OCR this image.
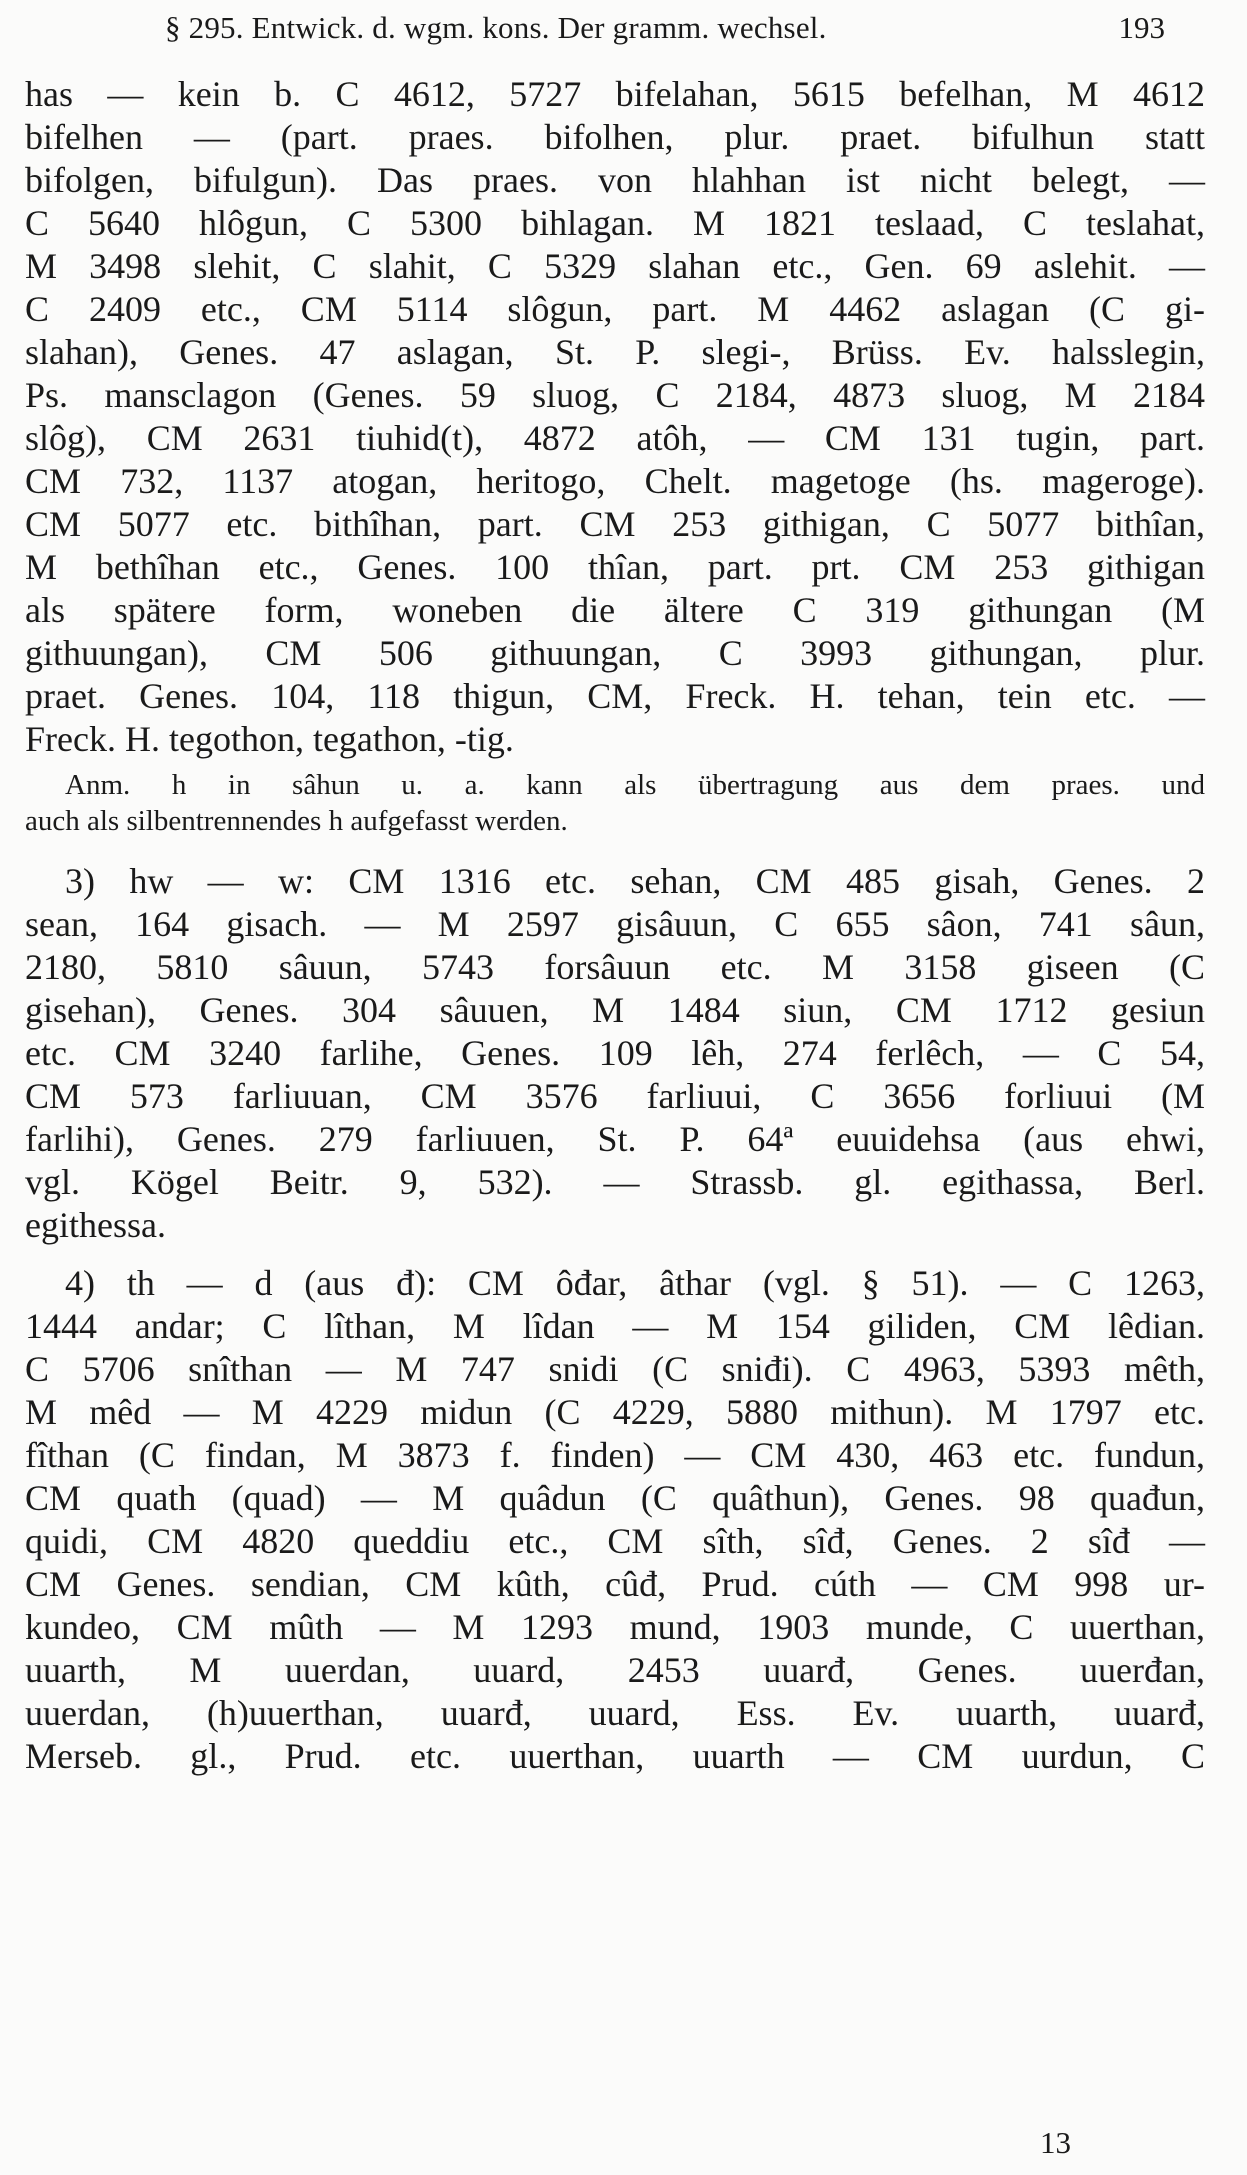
§ 295. Entwick. d. wgm. kons. Der gramm. wechsel.	193
has — kein b. C 4612, 5727 bifelahan, 5615 befelhan, M 4612
bifelhen — (part. praes. bifolhen, plur. praet. bifulhun statt
bifolgen, bifulgun). Das praes. von hlahhan ist nicht belegt, —
C 5640 hlôgun, C 5300 bihlagan. M 1821 teslaad, C teslahat,
M 3498 slehit, C slahit, C 5329 slahan etc., Gen. 69 aslehit. —
C 2409 etc., CM 5114 slôgun, part. M 4462 aslagan (C gi-
slahan), Genes. 47 aslagan, St. P. slegi-, Brüss. Ev. halsslegin,
Ps. mansclagon (Genes. 59 sluog, C 2184, 4873 sluog, M 2184
slôg), CM 2631 tiuhid(t), 4872 atôh, — CM 131 tugin, part.
CM 732, 1137 atogan, heritogo, Chelt. magetoge (hs. mageroge).
CM 5077 etc. bithîhan, part. CM 253 githigan, C 5077 bithîan,
M bethîhan etc., Genes. 100 thîan, part. prt. CM 253 githigan
als spätere form, woneben die ältere C 319 githungan (M
githuungan), CM 506 githuungan, C 3993 githungan, plur.
praet. Genes. 104, 118 thigun, CM, Freck. H. tehan, tein etc. —
Freck. H. tegothon, tegathon, -tig.
Anm. h in sâhun u. a. kann als übertragung aus dem praes. und
auch als silbentrennendes h aufgefasst werden.
3) hw — w: CM 1316 etc. sehan, CM 485 gisah, Genes. 2
sean, 164 gisach. — M 2597 gisâuun, C 655 sâon, 741 sâun,
2180, 5810 sâuun, 5743 forsâuun etc. M 3158 giseen (C
gisehan), Genes. 304 sâuuen, M 1484 siun, CM 1712 gesiun
etc. CM 3240 farlihe, Genes. 109 lêh, 274 ferlêch, — C 54,
CM 573 farliuuan, CM 3576 farliuui, C 3656 forliuui (M
farlihi), Genes. 279 farliuuen, St. P. 64ª euuidehsa (aus ehwi,
vgl. Kögel Beitr. 9, 532). — Strassb. gl. egithassa, Berl.
egithessa.
4) th — d (aus đ): CM ôđar, âthar (vgl. § 51). — C 1263,
1444 andar; C lîthan, M lîdan — M 154 giliden, CM lêdian.
C 5706 snîthan — M 747 snidi (C sniđi). C 4963, 5393 mêth,
M mêd — M 4229 midun (C 4229, 5880 mithun). M 1797 etc.
fîthan (C findan, M 3873 f. finden) — CM 430, 463 etc. fundun,
CM quath (quad) — M quâdun (C quâthun), Genes. 98 quađun,
quidi, CM 4820 queddiu etc., CM sîth, sîđ, Genes. 2 sîđ —
CM Genes. sendian, CM kûth, cûđ, Prud. cúth — CM 998 ur-
kundeo, CM mûth — M 1293 mund, 1903 munde, C uuerthan,
uuarth, M uuerdan, uuard, 2453 uuarđ, Genes. uuerđan,
uuerdan, (h)uuerthan, uuarđ, uuard, Ess. Ev. uuarth, uuarđ,
Merseb. gl., Prud. etc. uuerthan, uuarth — CM uurdun, C
13
